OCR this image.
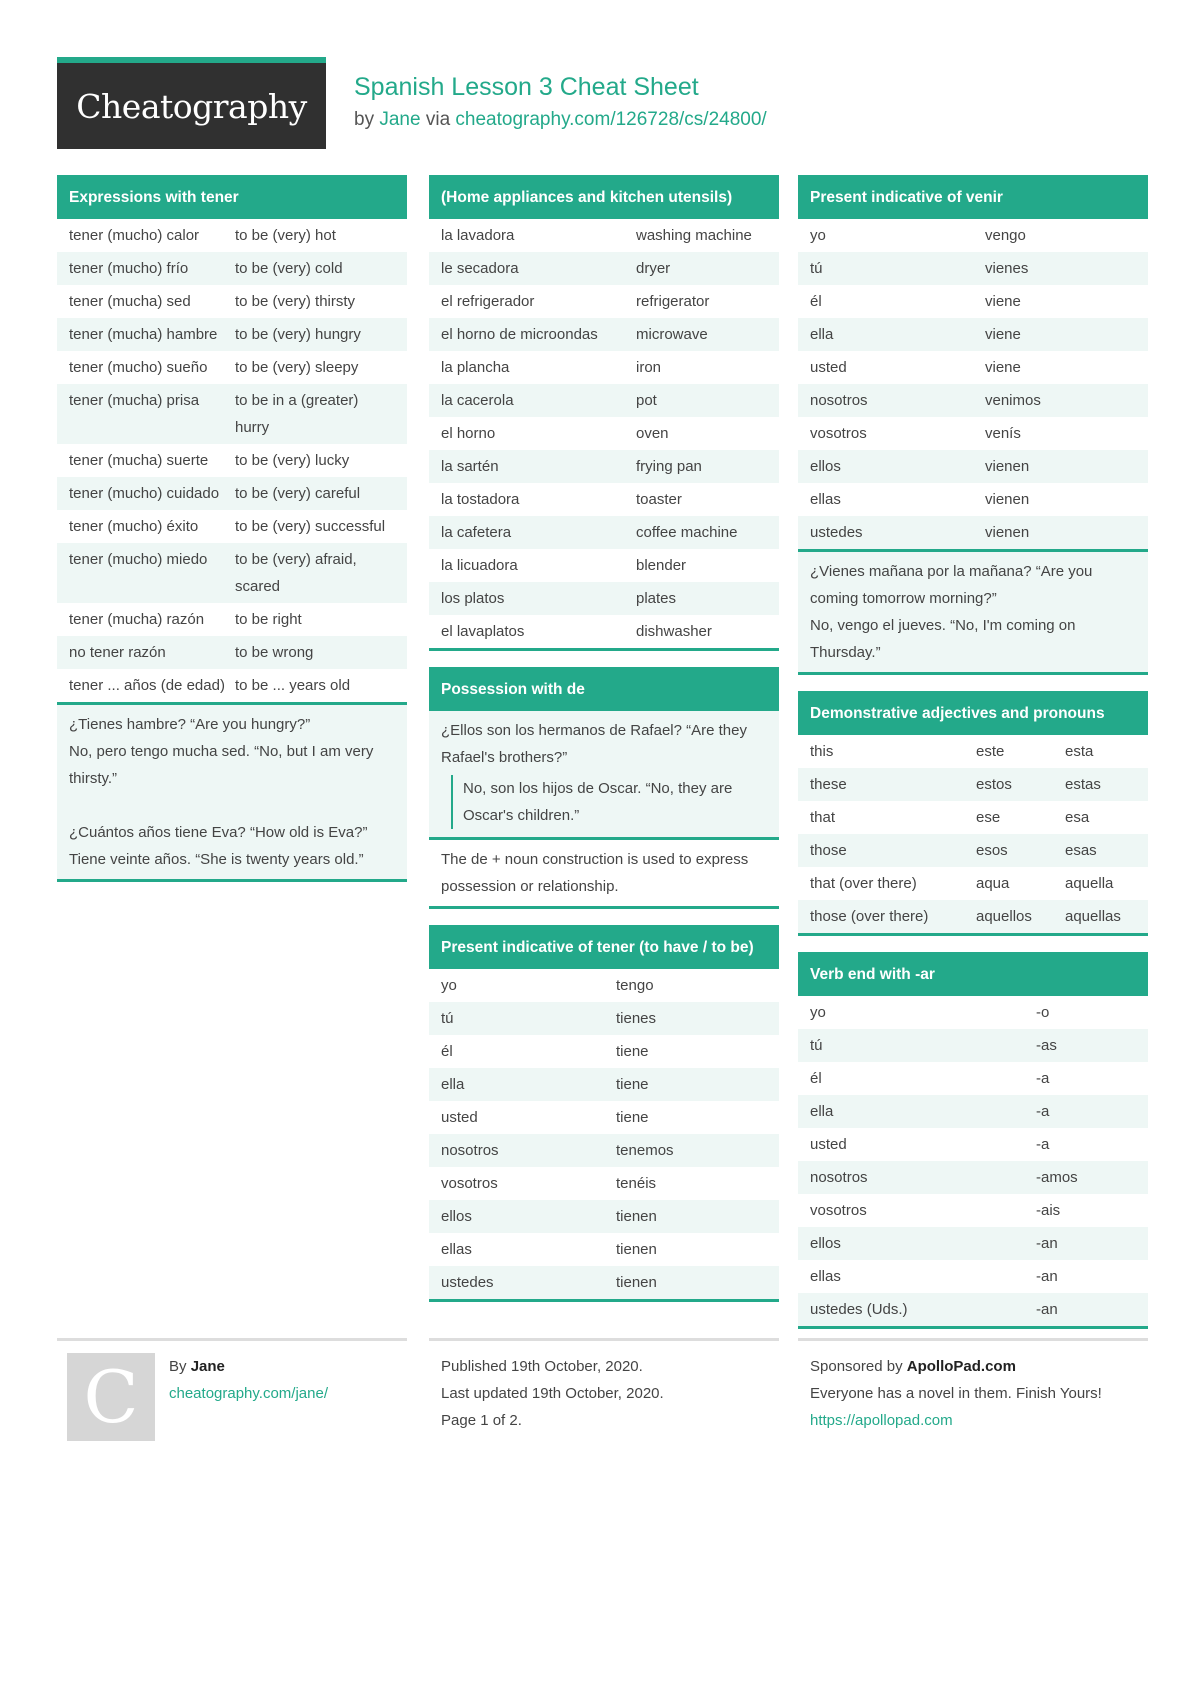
Cheatography	Spanish Lesson 3 Cheat Sheet
by Jane via cheatography.com/126728/cs/24800/
Expressions with tener
tener (mucho) calor	to be (very) hot
tener (mucho) frío	to be (very) cold
tener (mucha) sed	to be (very) thirsty
tener (mucha) hambre	to be (very) hungry
tener (mucho) sueño	to be (very) sleepy
tener (mucha) prisa	to be in a (greater) hurry
tener (mucha) suerte	to be (very) lucky
tener (mucho) cuidado	to be (very) careful
tener (mucho) éxito	to be (very) successful
tener (mucho) miedo	to be (very) afraid, scared
tener (mucha) razón	to be right
no tener razón	to be wrong
tener ... años (de edad) to be ... years old

¿Tienes hambre? “Are you hungry?”

No, pero tengo mucha sed. “No, but I am very thirsty.”

¿Cuántos años tiene Eva? “How old is Eva?”

Tiene veinte años. “She is twenty years old.”

(Home appliances and kitchen utensils)
la lavadora	washing machine
le secadora	dryer
el refrigerador	refrigerator
el horno de microondas	microwave
la plancha	iron
la cacerola	pot
el horno	oven
la sartén	frying pan
la tostadora	toaster
la cafetera	coffee machine
la licuadora	blender
los platos	plates
el lavaplatos	dishwasher
Possession with de

¿Ellos son los hermanos de Rafael? “Are they Rafael's brothers?”

No, son los hijos de Oscar. “No, they are Oscar's children.”
The de + noun construction is used to express possession or relationship.
Present indicative of tener (to have / to be)
yo	tengo
tú	tienes
él	tiene
ella	tiene
usted	tiene
nosotros	tenemos
vosotros	tenéis
ellos	tienen
ellas	tienen
ustedes	tienen
Present indicative of venir
yo	vengo
tú	vienes
él	viene
ella	viene
usted	viene
nosotros	venimos
vosotros	venís
ellos	vienen
ellas	vienen
ustedes	vienen

¿Vienes mañana por la mañana? “Are you coming tomorrow morning?”

No, vengo el jueves. “No, I'm coming on Thursday.”

Demonstrative adjectives and pronouns
this	este	esta
these	estos	estas
that	ese	esa
those	esos	esas
that (over there)	aqua	aquella
those (over there)	aquellos	aquellas
Verb end with -ar
yo	-o
tú	-as
él	-a
ella	-a
usted	-a
nosotros	-amos
vosotros	-ais
ellos	-an
ellas	-an
ustedes (Uds.)	-an
C	By Jane
cheatography.com/jane/
Published 19th October, 2020.
Last updated 19th October, 2020.
Page 1 of 2.
Sponsored by ApolloPad.com
Everyone has a novel in them. Finish Yours!
https://apollopad.com
